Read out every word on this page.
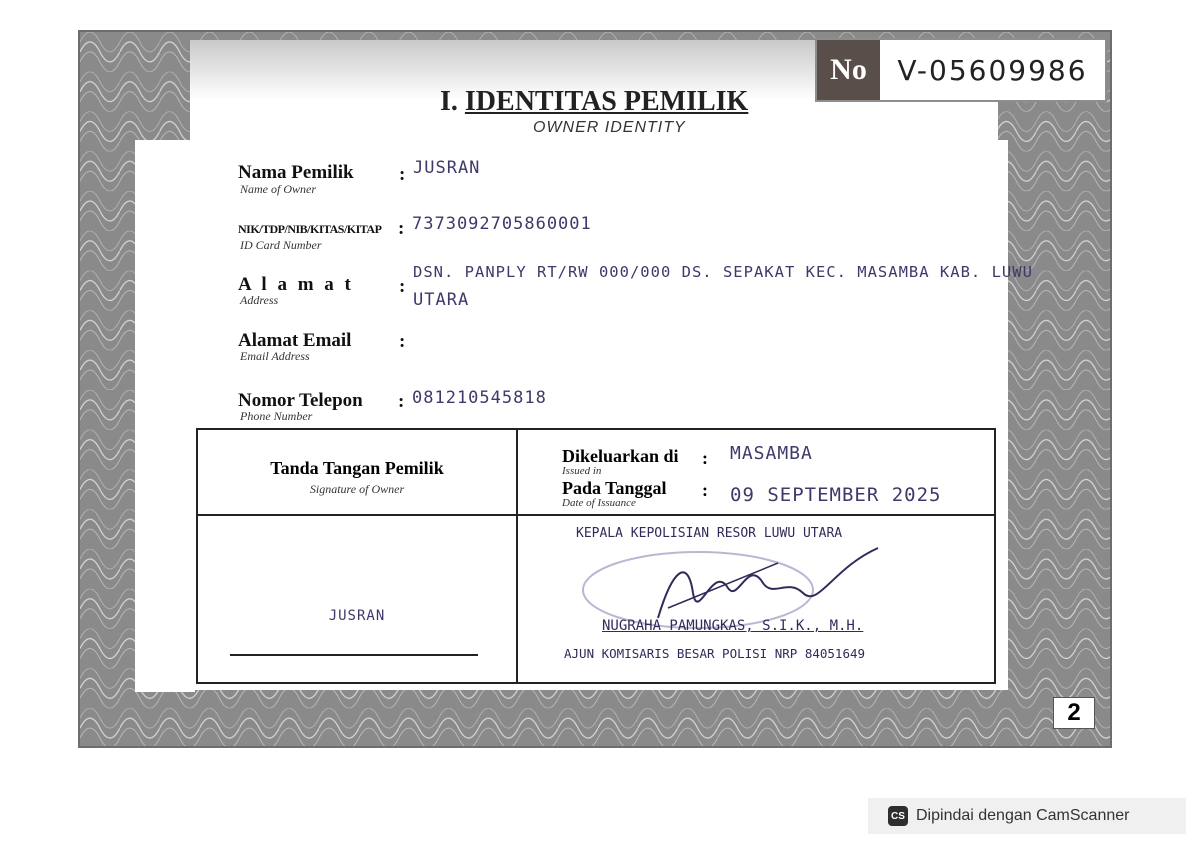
No	V-05609986
I. IDENTITAS PEMILIK
OWNER IDENTITY
Nama Pemilik
Name of Owner
: JUSRAN
NIK/TDP/NIB/KITAS/KITAP
ID Card Number
: 7373092705860001
A l a m a t
Address
:
DSN. PANPLY RT/RW 000/000 DS. SEPAKAT KEC. MASAMBA KAB. LUWU
UTARA
Alamat Email
Email Address
:
Nomor Telepon
Phone Number
: 081210545818
Tanda Tangan Pemilik
Signature of Owner
Dikeluarkan di
Issued in
: MASAMBA
Pada Tanggal
Date of Issuance
: 09 SEPTEMBER 2025
JUSRAN
KEPALA KEPOLISIAN RESOR LUWU UTARA
NUGRAHA PAMUNGKAS, S.I.K., M.H.
AJUN KOMISARIS BESAR POLISI NRP 84051649
2
CS Dipindai dengan CamScanner
